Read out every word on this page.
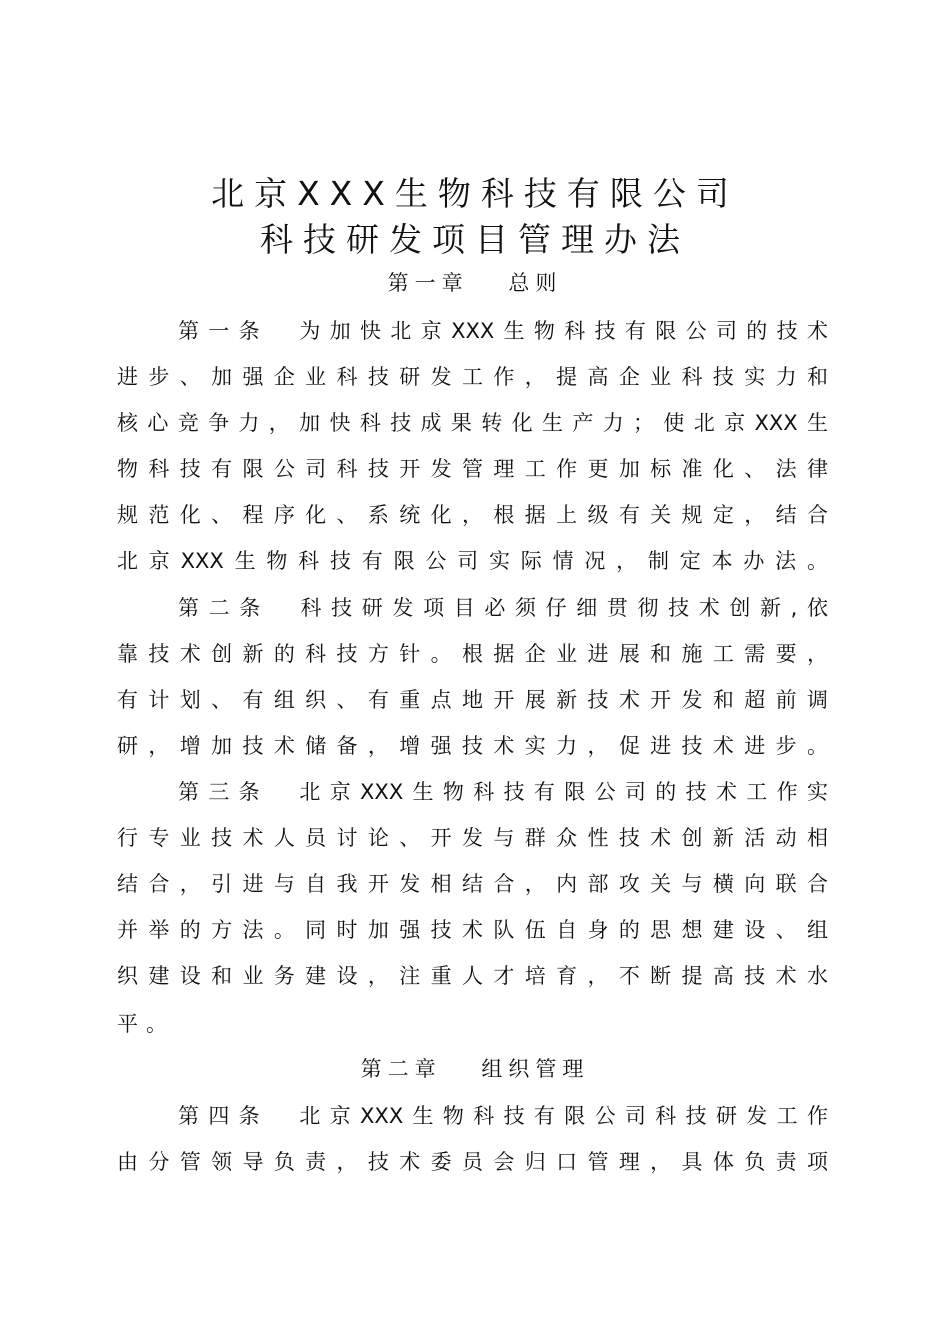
北京XXX生物科技有限公司
科技研发项目管理办法
第一章　 总则
第一条　为加快北京XXX生物科技有限公司的技术
进步、加强企业科技研发工作，提高企业科技实力和
核心竞争力，加快科技成果转化生产力；使北京XXX生
物科技有限公司科技开发管理工作更加标准化、法律
规范化、程序化、系统化，根据上级有关规定，结合
北京XXX生物科技有限公司实际情况，制定本办法。
第二条　科技研发项目必须仔细贯彻技术创新,依
靠技术创新的科技方针。根据企业进展和施工需要，
有计划、有组织、有重点地开展新技术开发和超前调
研，增加技术储备，增强技术实力，促进技术进步。
第三条　北京XXX生物科技有限公司的技术工作实
行专业技术人员讨论、开发与群众性技术创新活动相
结合，引进与自我开发相结合，内部攻关与横向联合
并举的方法。同时加强技术队伍自身的思想建设、组
织建设和业务建设，注重人才培育，不断提高技术水
平。
第二章　 组织管理
第四条　北京XXX生物科技有限公司科技研发工作
由分管领导负责，技术委员会归口管理，具体负责项
